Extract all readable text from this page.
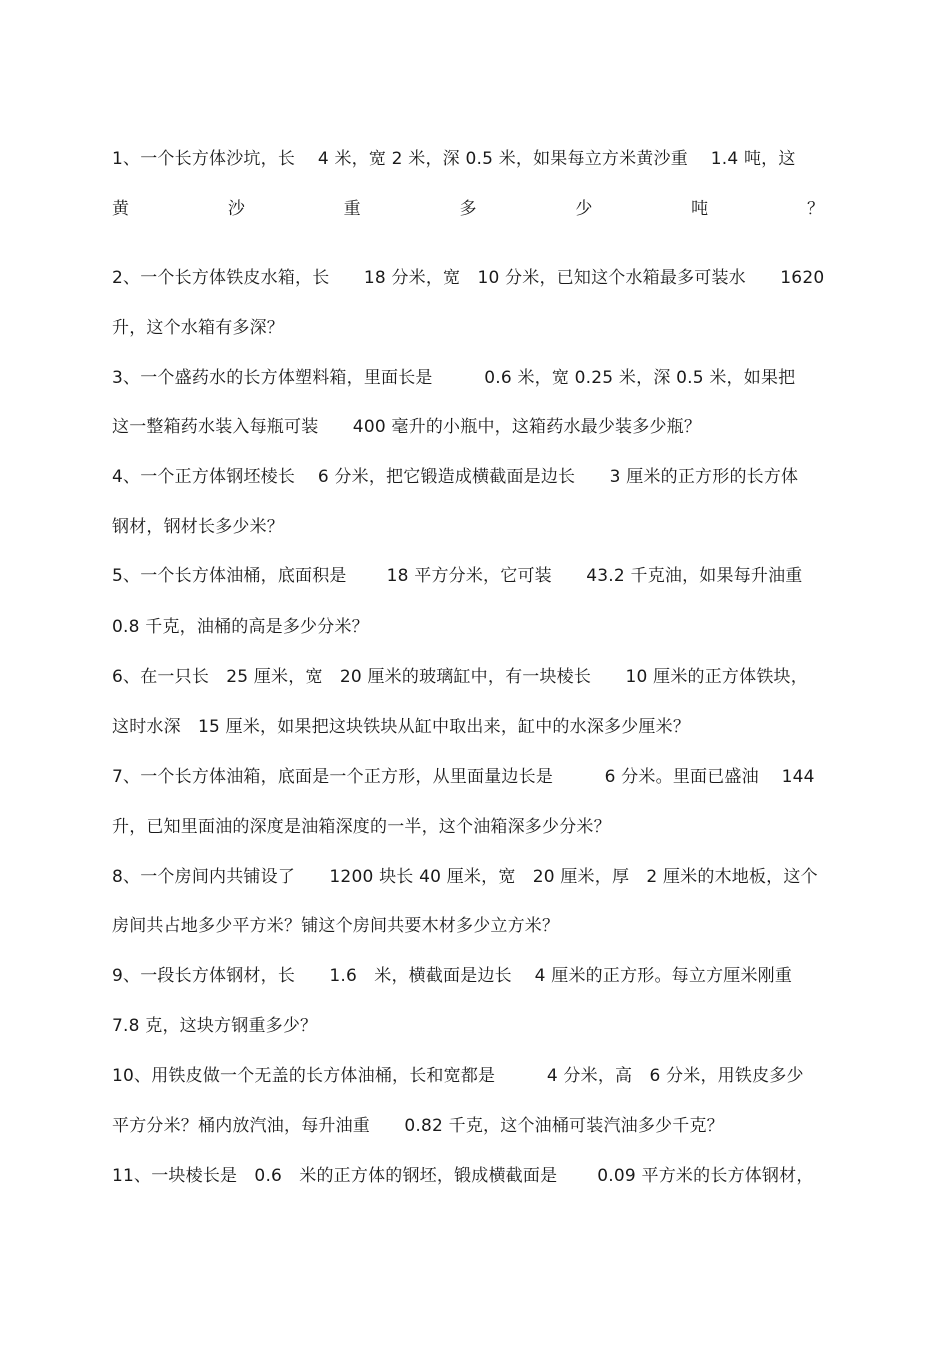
1、一个长方体沙坑，长　 4 米，宽 2 米，深 0.5 米，如果每立方米黄沙重　 1.4 吨，这
黄	沙	重	多	少	吨	？
2、一个长方体铁皮水箱，长　　18 分米，宽　10 分米，已知这个水箱最多可装水　　1620
升，这个水箱有多深？
3、一个盛药水的长方体塑料箱，里面长是　　　0.6 米，宽 0.25 米，深 0.5 米，如果把
这一整箱药水装入每瓶可装　　400 毫升的小瓶中，这箱药水最少装多少瓶？
4、一个正方体钢坯棱长　 6 分米，把它锻造成横截面是边长　　3 厘米的正方形的长方体
钢材，钢材长多少米？
5、一个长方体油桶，底面积是　　 18 平方分米，它可装　　43.2 千克油，如果每升油重
0.8 千克，油桶的高是多少分米？
6、在一只长　25 厘米，宽　20 厘米的玻璃缸中，有一块棱长　　10 厘米的正方体铁块，
这时水深　15 厘米，如果把这块铁块从缸中取出来，缸中的水深多少厘米？
7、一个长方体油箱，底面是一个正方形，从里面量边长是　　　6 分米。里面已盛油　 144
升，已知里面油的深度是油箱深度的一半，这个油箱深多少分米？
8、一个房间内共铺设了　　1200 块长 40 厘米，宽　20 厘米，厚　2 厘米的木地板，这个
房间共占地多少平方米？铺这个房间共要木材多少立方米？
9、一段长方体钢材，长　　1.6　米，横截面是边长　 4 厘米的正方形。每立方厘米刚重
7.8 克，这块方钢重多少？
10、用铁皮做一个无盖的长方体油桶，长和宽都是　　　4 分米，高　6 分米，用铁皮多少
平方分米？桶内放汽油，每升油重　　0.82 千克，这个油桶可装汽油多少千克？
11、一块棱长是　0.6　米的正方体的钢坯，锻成横截面是　　 0.09 平方米的长方体钢材，
